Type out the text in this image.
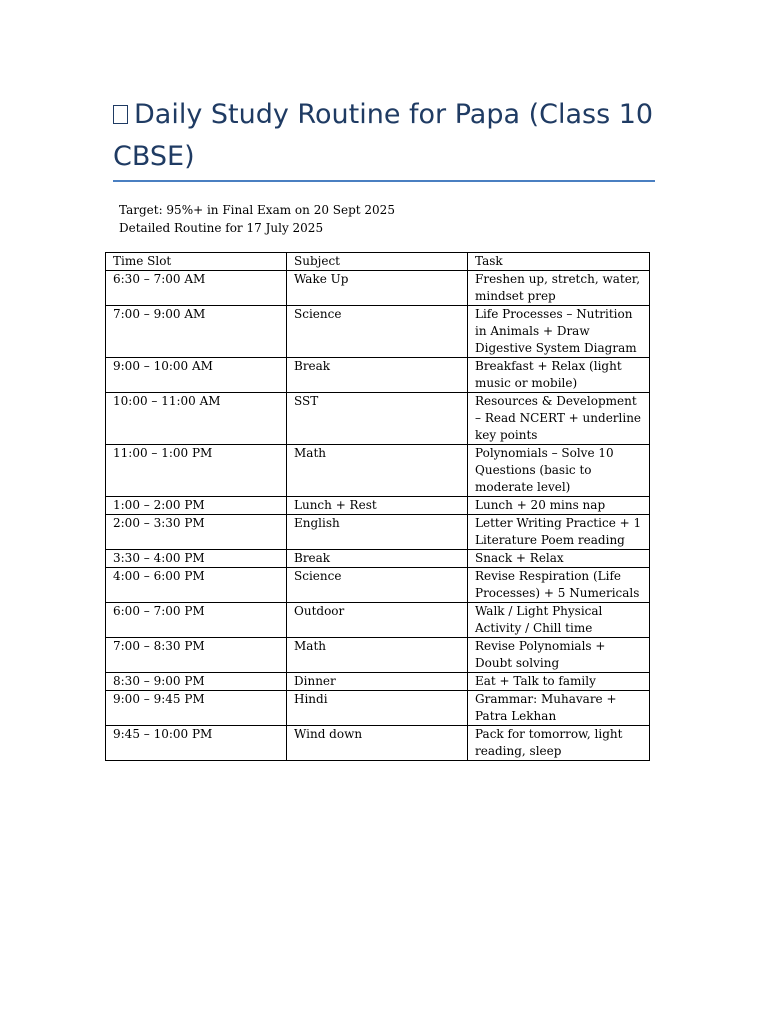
Daily Study Routine for Papa (Class 10 CBSE)
Target: 95%+ in Final Exam on 20 Sept 2025
Detailed Routine for 17 July 2025
Time Slot	Subject	Task
6:30 – 7:00 AM	Wake Up	Freshen up, stretch, water, mindset prep
7:00 – 9:00 AM	Science	Life Processes – Nutrition in Animals + Draw Digestive System Diagram
9:00 – 10:00 AM	Break	Breakfast + Relax (light music or mobile)
10:00 – 11:00 AM	SST	Resources & Development – Read NCERT + underline key points
11:00 – 1:00 PM	Math	Polynomials – Solve 10 Questions (basic to moderate level)
1:00 – 2:00 PM	Lunch + Rest	Lunch + 20 mins nap
2:00 – 3:30 PM	English	Letter Writing Practice + 1 Literature Poem reading
3:30 – 4:00 PM	Break	Snack + Relax
4:00 – 6:00 PM	Science	Revise Respiration (Life Processes) + 5 Numericals
6:00 – 7:00 PM	Outdoor	Walk / Light Physical Activity / Chill time
7:00 – 8:30 PM	Math	Revise Polynomials + Doubt solving
8:30 – 9:00 PM	Dinner	Eat + Talk to family
9:00 – 9:45 PM	Hindi	Grammar: Muhavare + Patra Lekhan
9:45 – 10:00 PM	Wind down	Pack for tomorrow, light reading, sleep
